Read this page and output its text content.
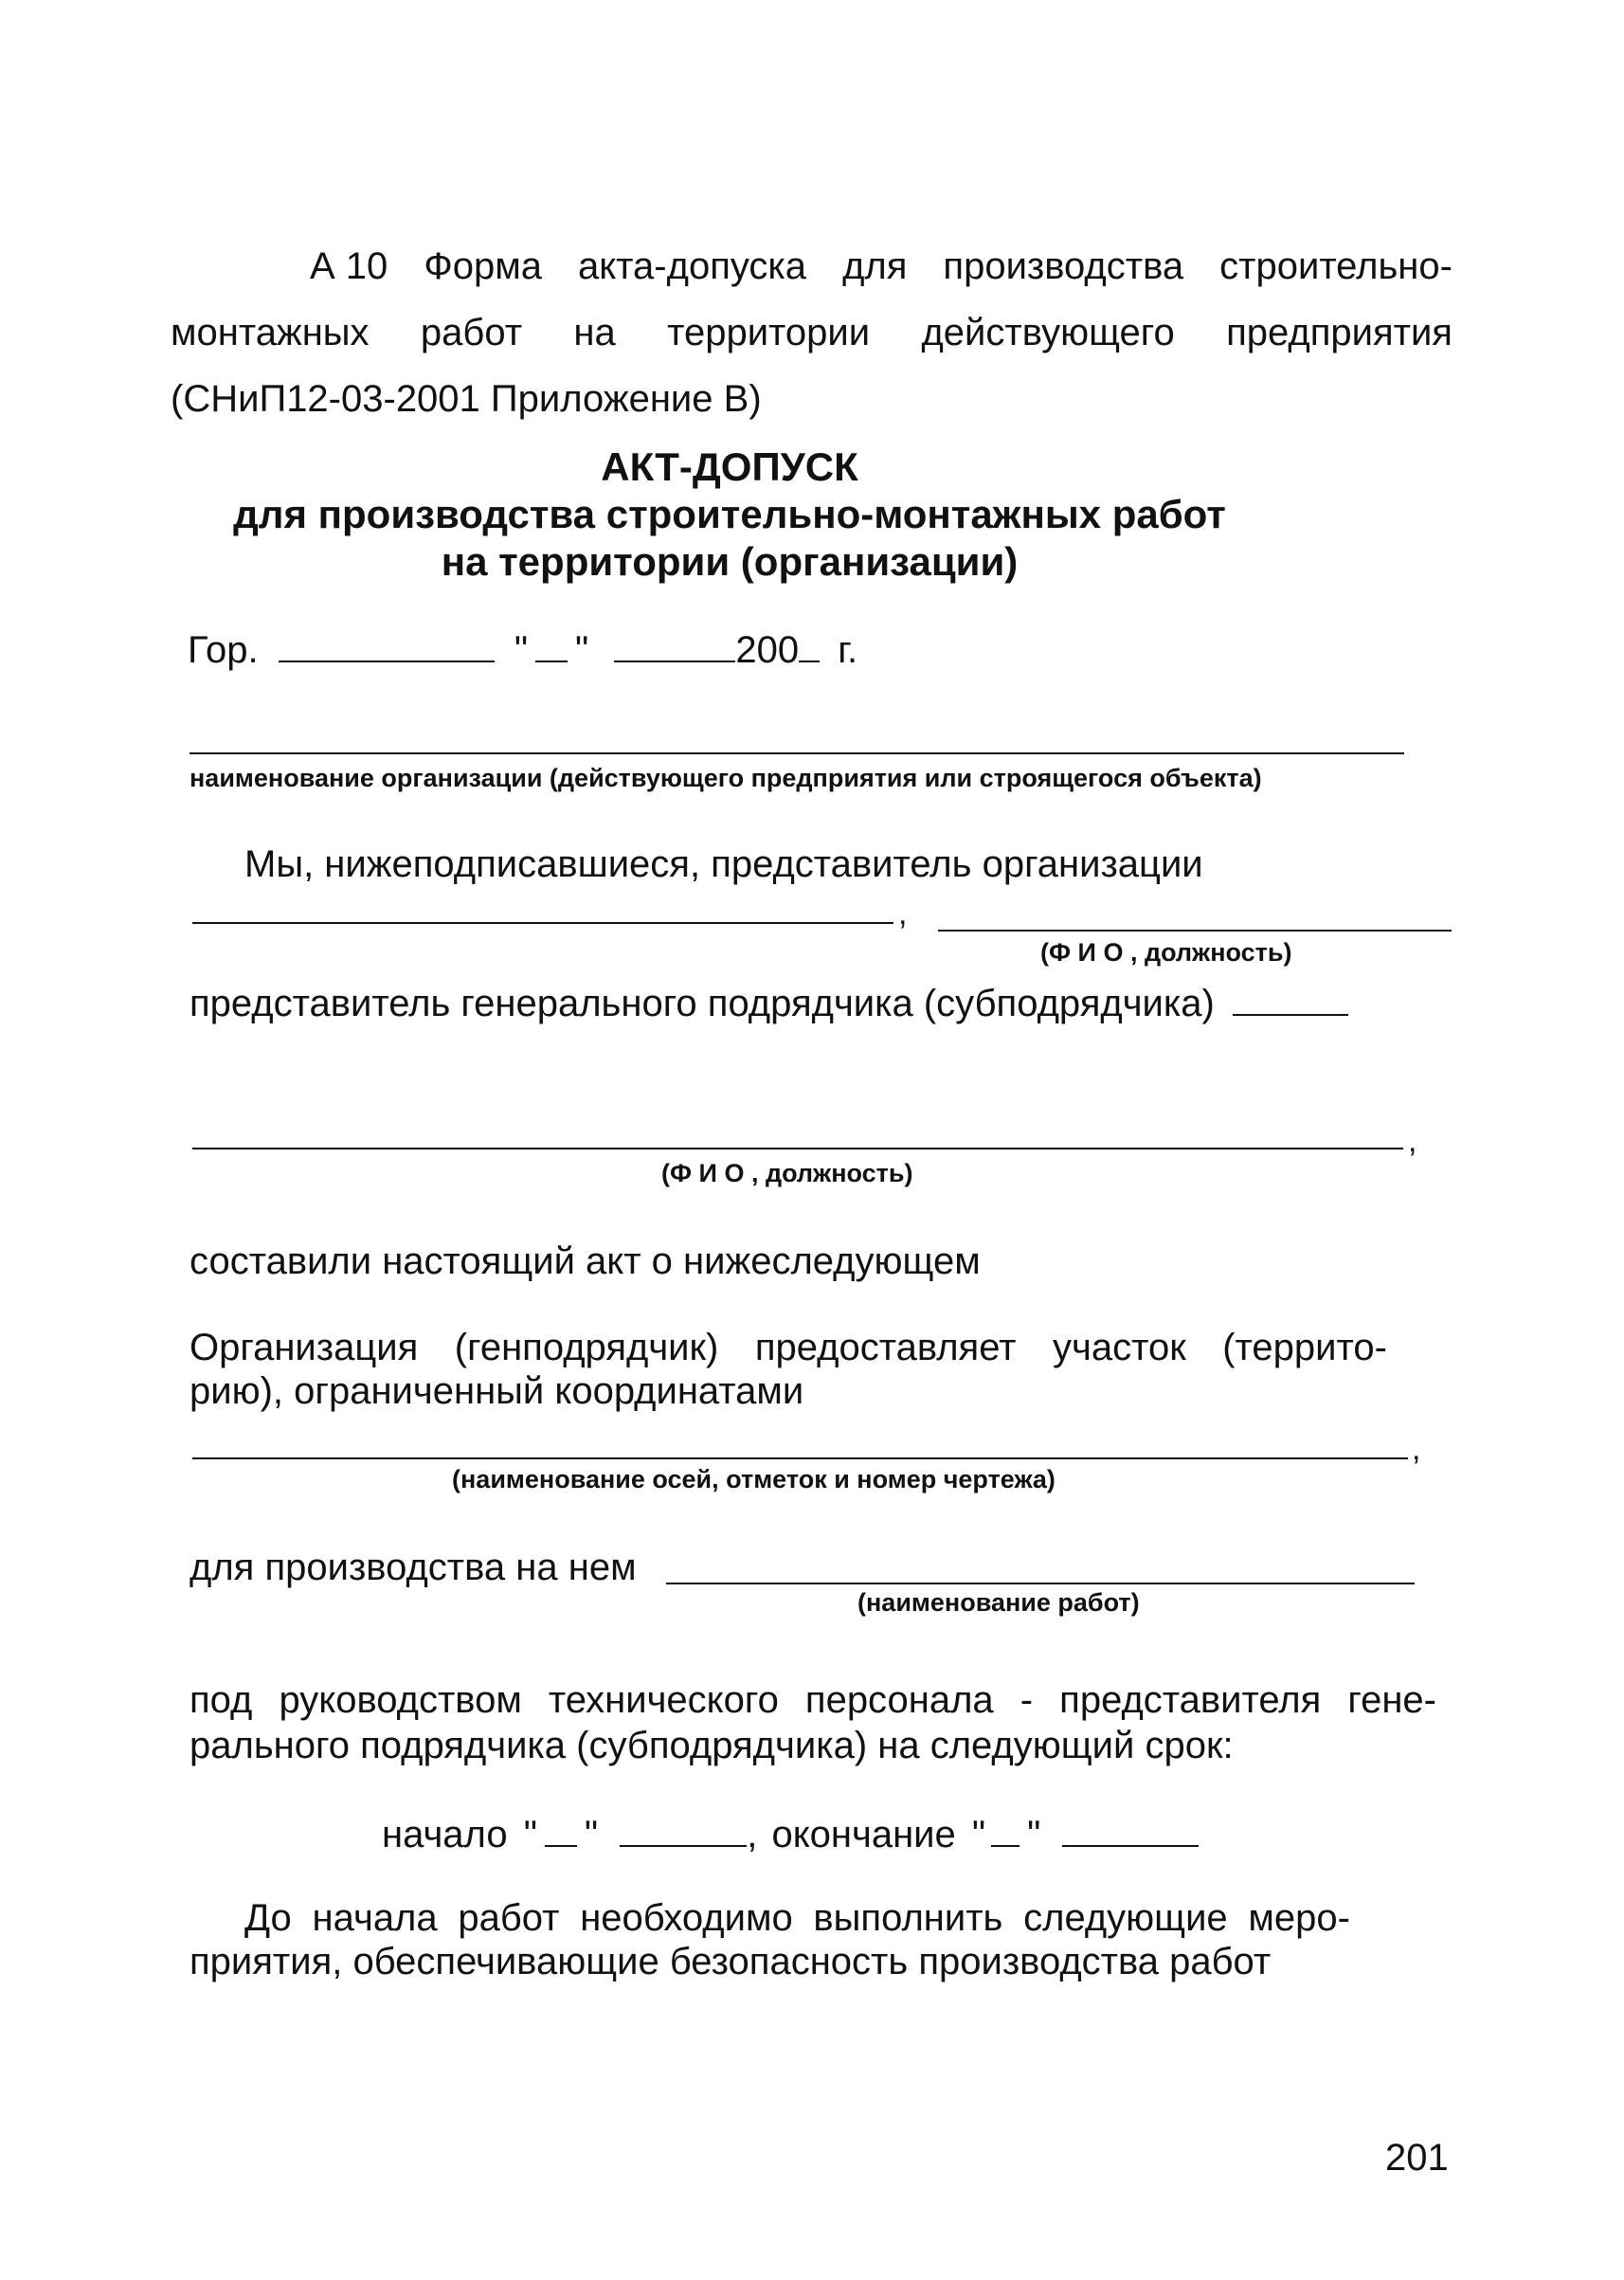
А 10 Форма акта-допуска для производства строительно-
монтажных работ на территории действующего предприятия
(СНиП12-03-2001 Приложение В)
АКТ-ДОПУСК
для производства строительно-монтажных работ
на территории (организации)
Гор.	" "	200 г.
наименование организации (действующего предприятия или строящегося объекта)
Мы, нижеподписавшиеся, представитель организации
,
(Ф И О , должность)
представитель генерального подрядчика (субподрядчика)
,
(Ф И О , должность)
составили настоящий акт о нижеследующем
Организация (генподрядчик) предоставляет участок (террито-
рию), ограниченный координатами
,
(наименование осей, отметок и номер чертежа)
для производства на нем
(наименование работ)
под руководством технического персонала - представителя гене-
рального подрядчика (субподрядчика) на следующий срок:
начало " "	, окончание " "
До начала работ необходимо выполнить следующие меро-
приятия, обеспечивающие безопасность производства работ
201
